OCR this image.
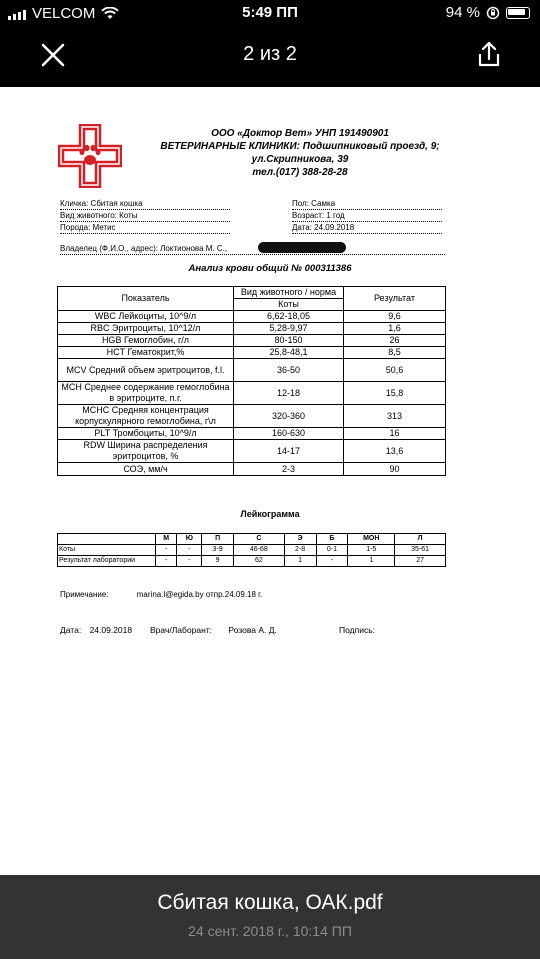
VELCOM	5:49 ПП	94 %
2 из 2
ООО «Доктор Вет» УНП 191490901
ВЕТЕРИНАРНЫЕ КЛИНИКИ: Подшипниковый проезд, 9;
ул.Скрипникова, 39
тел.(017) 388-28-28
Кличка: Сбитая кошка
Вид животного: Коты
Порода: Метис
Пол: Самка
Возраст: 1 год
Дата: 24.09.2018
Владелец (Ф.И.О., адрес): Локтионова М. С.,
Анализ крови общий № 000311386
Показатель	Вид животного / норма	Результат
	Коты	
WBC Лейкоциты, 10^9/л	6,62-18,05	9,6
RBC Эритроциты, 10^12/л	5,28-9,97	1,6
HGB Гемоглобин, г/л	80-150	26
HCT Гематокрит,%	25,8-48,1	8,5
MCV Средний объем эритроцитов, f.l.	36-50	50,6
MCH Среднее содержание гемоглобина в эритроците, п.г.	12-18	15,8
MCHC Средняя концентрация корпускулярного гемоглобина, г\л	320-360	313
PLT Тромбоциты, 10^9/л	160-630	16
RDW Ширина распределения эритроцитов, %	14-17	13,6
СОЭ, мм/ч	2-3	90
Лейкограмма
	М	Ю	П	С	Э	Б	МОН	Л
Коты	-	-	3-9	46-68	2-8	0-1	1-5	35-61
Результат лаборатории	-	-	9	62	1	-	1	27
Примечание:	marina.l@egida.by отпр.24.09.18 г.
Дата: 24.09.2018 Врач/Лаборант: Розова А. Д.	Подпись:
Сбитая кошка, ОАК.pdf
24 сент. 2018 г., 10:14 ПП
